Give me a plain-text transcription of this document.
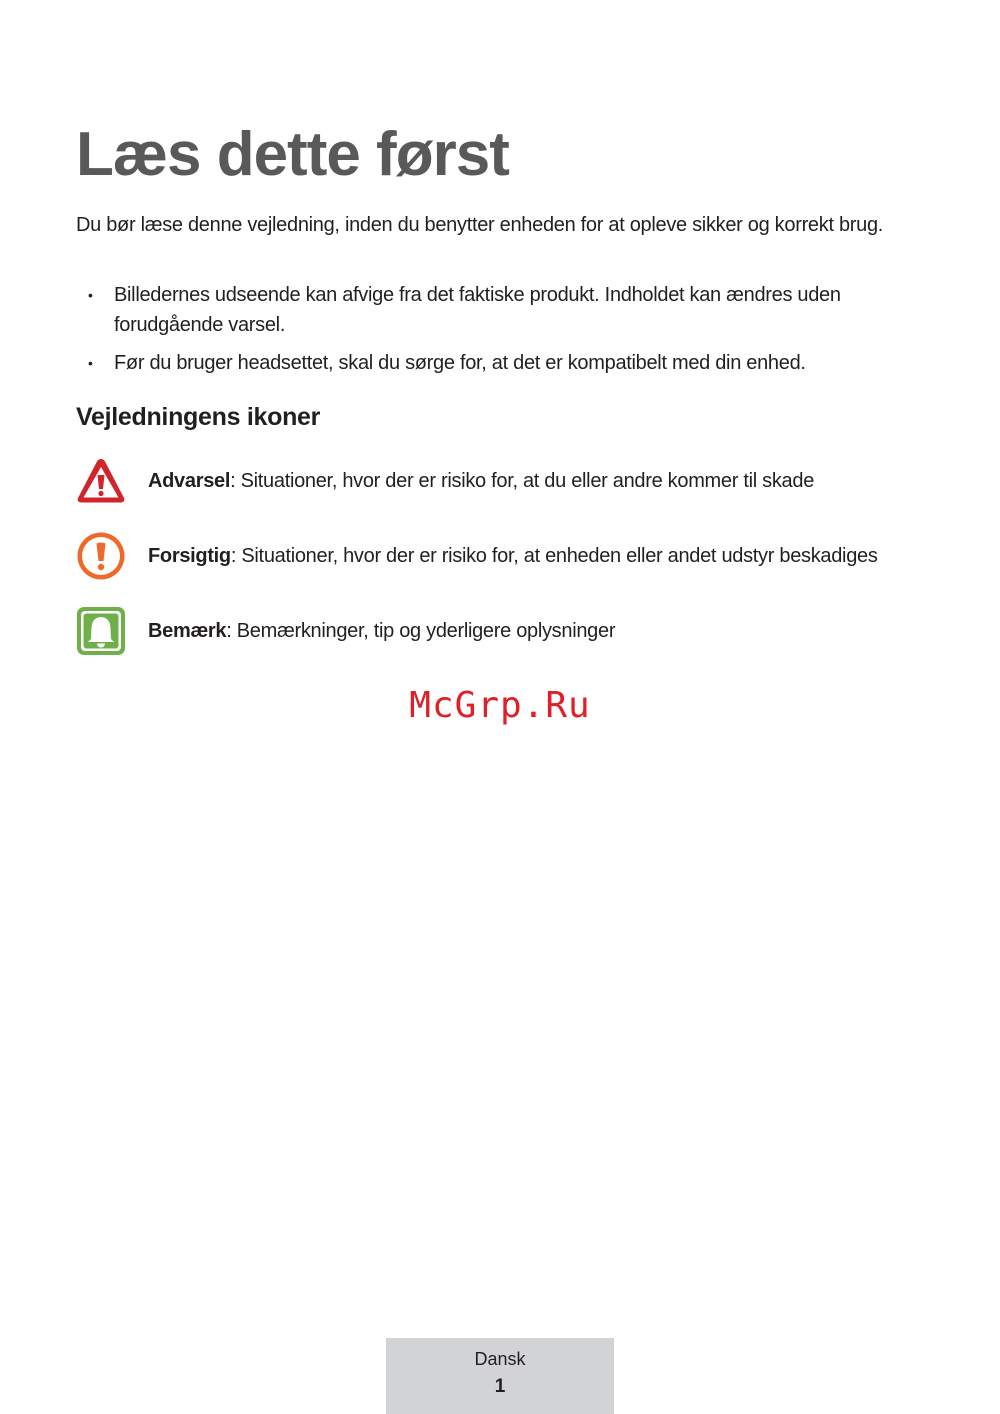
Læs dette først

Du bør læse denne vejledning, inden du benytter enheden for at opleve sikker og korrekt brug.

• Billedernes udseende kan afvige fra det faktiske produkt. Indholdet kan ændres uden forudgående varsel.
• Før du bruger headsettet, skal du sørge for, at det er kompatibelt med din enhed.
Vejledningens ikoner
Advarsel: Situationer, hvor der er risiko for, at du eller andre kommer til skade
Forsigtig: Situationer, hvor der er risiko for, at enheden eller andet udstyr beskadiges
Bemærk: Bemærkninger, tip og yderligere oplysninger
McGrp.Ru
Dansk
1
